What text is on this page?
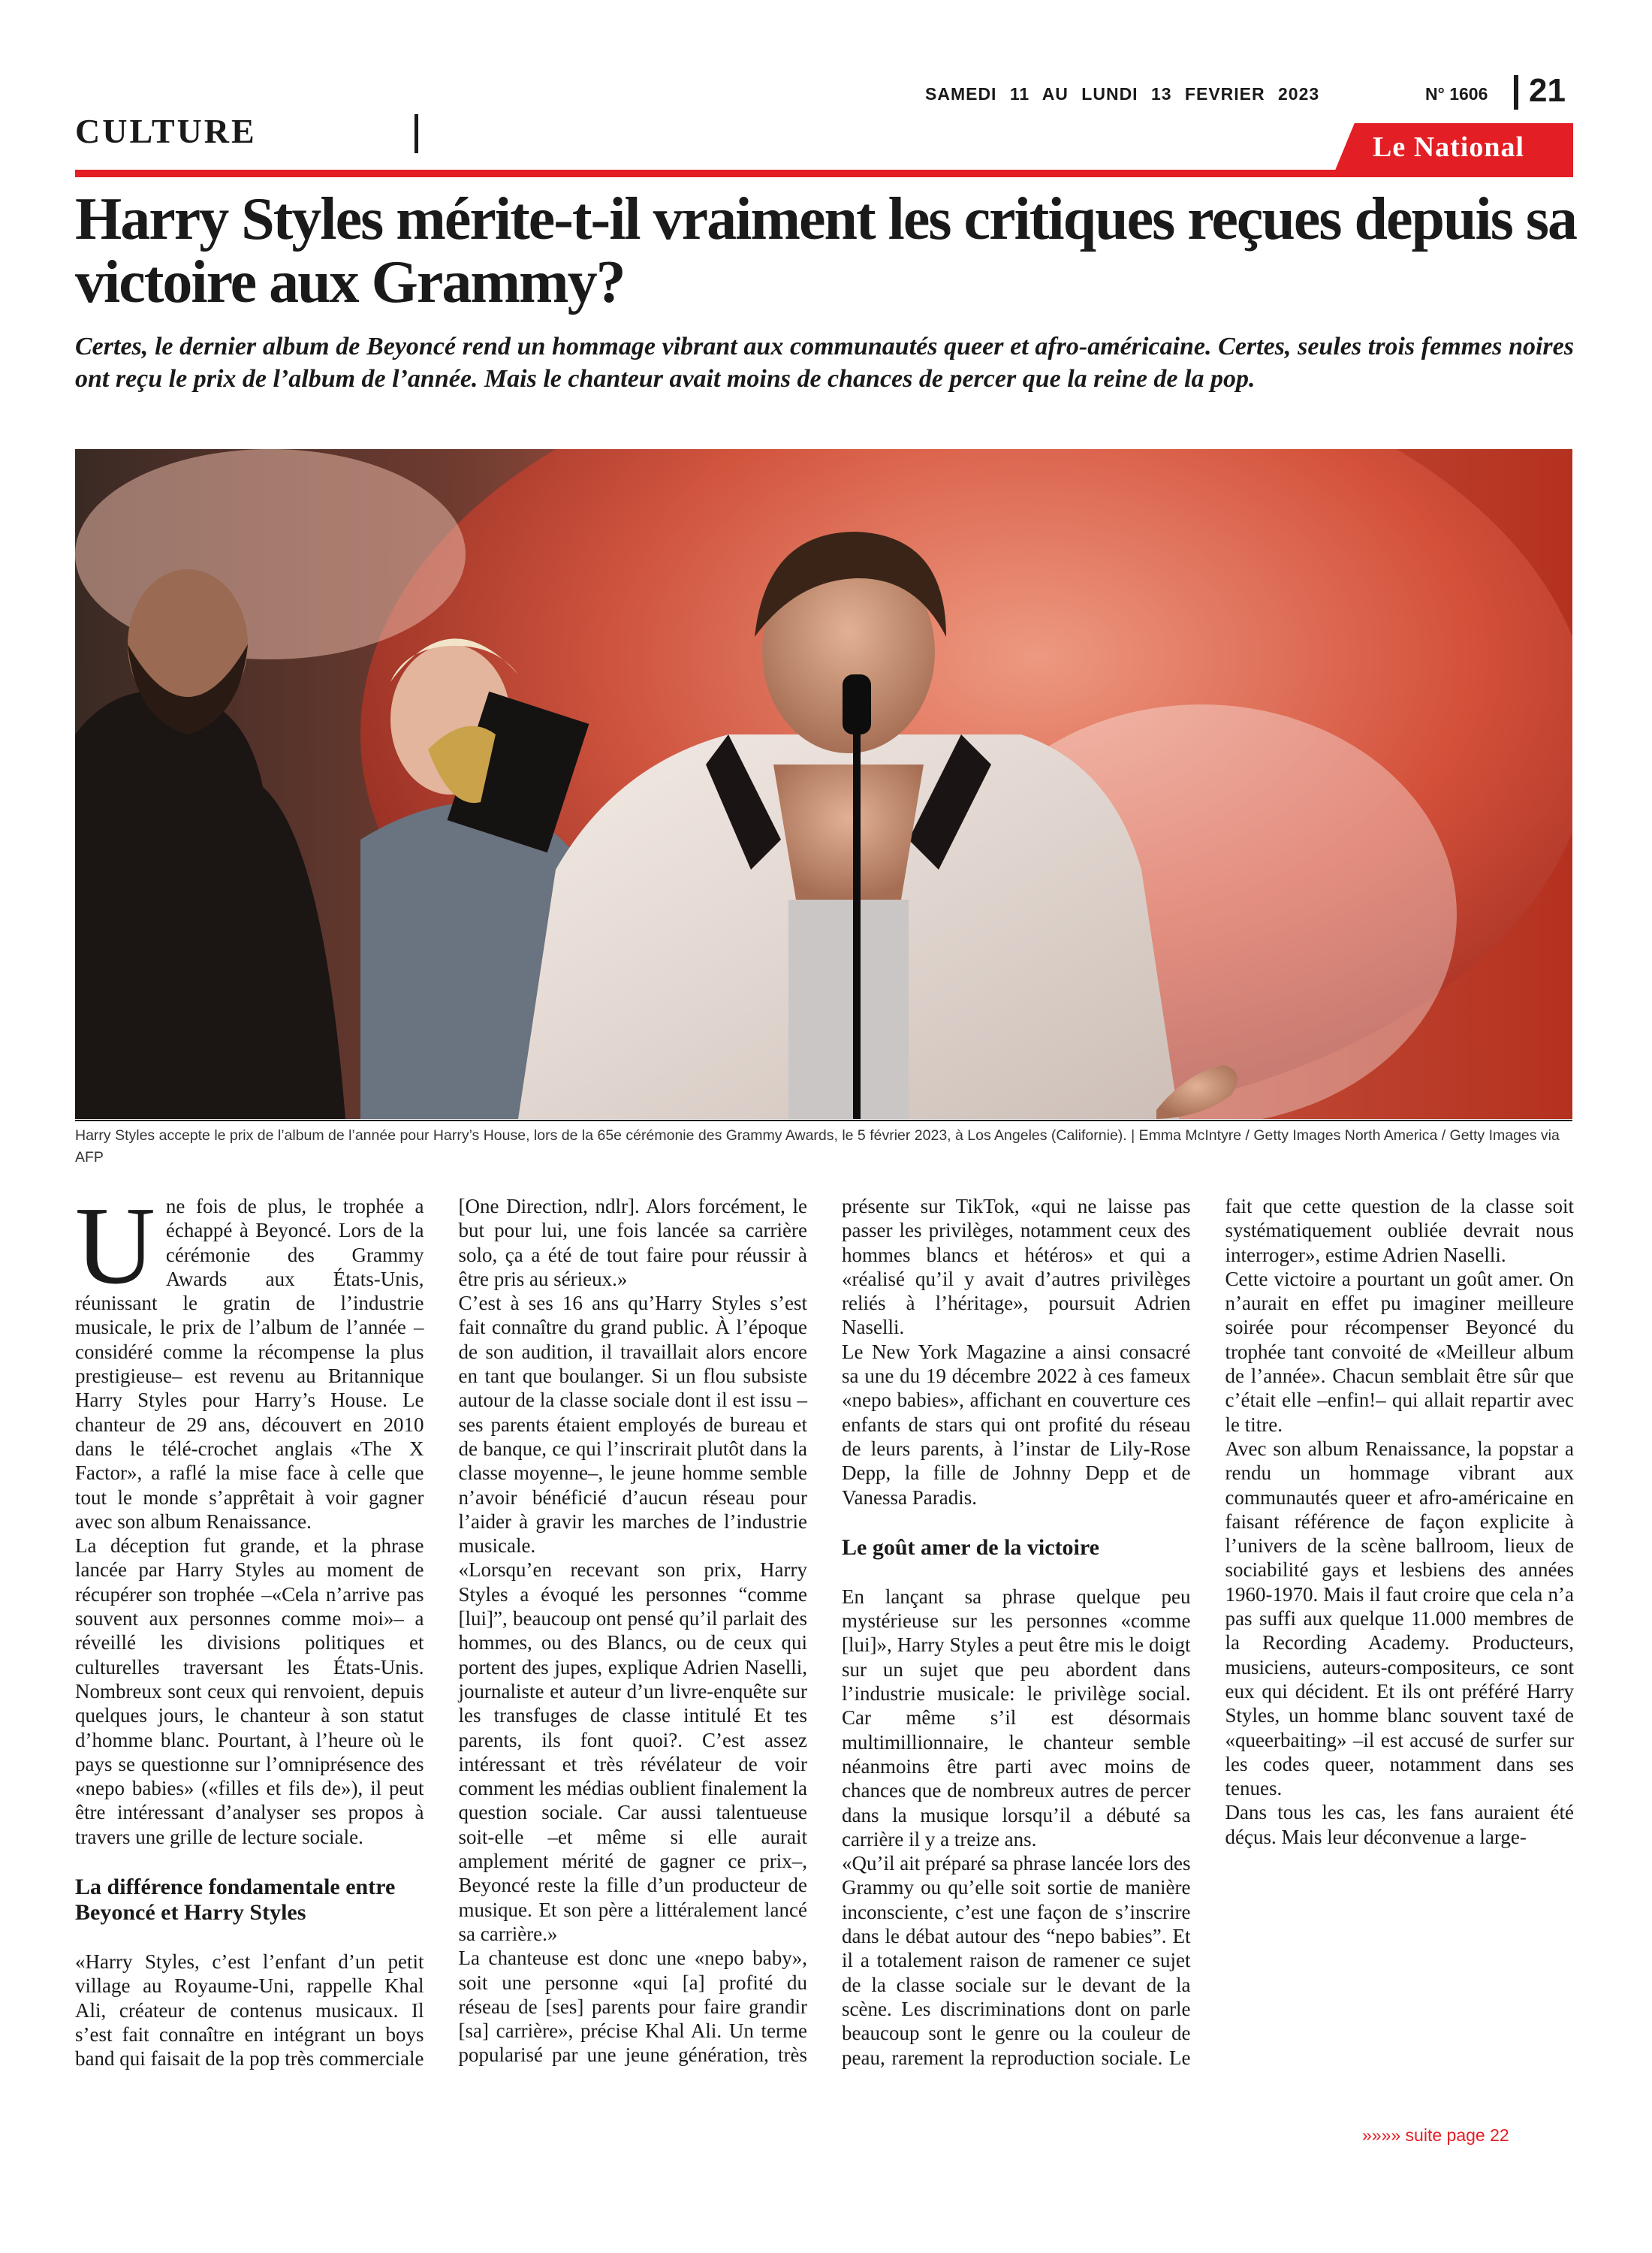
SAMEDI 11 AU LUNDI 13 FEVRIER 2023	N° 1606 21
CULTURE	Le National
Harry Styles mérite-t-il vraiment les critiques reçues depuis sa victoire aux Grammy?

Certes, le dernier album de Beyoncé rend un hommage vibrant aux communautés queer et afro-américaine. Certes, seules trois femmes noires ont reçu le prix de l’album de l’année. Mais le chanteur avait moins de chances de percer que la reine de la pop.

Harry Styles accepte le prix de l’album de l’année pour Harry’s House, lors de la 65e cérémonie des Grammy Awards, le 5 février 2023, à Los Angeles (Californie). | Emma McIntyre / Getty Images North America / Getty Images via AFP

Une fois de plus, le trophée a échappé à Beyoncé. Lors de la cérémonie des Grammy Awards aux États-Unis, réunissant le gratin de l’industrie musicale, le prix de l’album de l’année – considéré comme la récompense la plus prestigieuse– est revenu au Britannique Harry Styles pour Harry’s House. Le chanteur de 29 ans, découvert en 2010 dans le télé-crochet anglais «The X Factor», a raflé la mise face à celle que tout le monde s’apprêtait à voir gagner avec son album Renaissance.

La déception fut grande, et la phrase lancée par Harry Styles au moment de récupérer son trophée –«Cela n’arrive pas souvent aux personnes comme moi»– a réveillé les divisions politiques et culturelles traversant les États-Unis. Nombreux sont ceux qui renvoient, depuis quelques jours, le chanteur à son statut d’homme blanc. Pourtant, à l’heure où le pays se questionne sur l’omniprésence des «nepo babies» («filles et fils de»), il peut être intéressant d’analyser ses propos à travers une grille de lecture sociale.

La différence fondamentale entre Beyoncé et Harry Styles

«Harry Styles, c’est l’enfant d’un petit village au Royaume-Uni, rappelle Khal Ali, créateur de contenus musicaux. Il s’est fait connaître en intégrant un boys band qui faisait de la pop très commerciale [One Direction, ndlr]. Alors forcément, le but pour lui, une fois lancée sa carrière solo, ça a été de tout faire pour réussir à être pris au sérieux.»

C’est à ses 16 ans qu’Harry Styles s’est fait connaître du grand public. À l’époque de son audition, il travaillait alors encore en tant que boulanger. Si un flou subsiste autour de la classe sociale dont il est issu –ses parents étaient employés de bureau et de banque, ce qui l’inscrirait plutôt dans la classe moyenne–, le jeune homme semble n’avoir bénéficié d’aucun réseau pour l’aider à gravir les marches de l’industrie musicale.

«Lorsqu’en recevant son prix, Harry Styles a évoqué les personnes “comme [lui]”, beaucoup ont pensé qu’il parlait des hommes, ou des Blancs, ou de ceux qui portent des jupes, explique Adrien Naselli, journaliste et auteur d’un livre-enquête sur les transfuges de classe intitulé Et tes parents, ils font quoi?. C’est assez intéressant et très révélateur de voir comment les médias oublient finalement la question sociale. Car aussi talentueuse soit-elle –et même si elle aurait amplement mérité de gagner ce prix–, Beyoncé reste la fille d’un producteur de musique. Et son père a littéralement lancé sa carrière.»

La chanteuse est donc une «nepo baby», soit une personne «qui [a] profité du réseau de [ses] parents pour faire grandir [sa] carrière», précise Khal Ali. Un terme popularisé par une jeune génération, très présente sur TikTok, «qui ne laisse pas passer les privilèges, notamment ceux des hommes blancs et hétéros» et qui a «réalisé qu’il y avait d’autres privilèges reliés à l’héritage», poursuit Adrien Naselli.

Le New York Magazine a ainsi consacré sa une du 19 décembre 2022 à ces fameux «nepo babies», affichant en couverture ces enfants de stars qui ont profité du réseau de leurs parents, à l’instar de Lily-Rose Depp, la fille de Johnny Depp et de Vanessa Paradis.

Le goût amer de la victoire

En lançant sa phrase quelque peu mystérieuse sur les personnes «comme [lui]», Harry Styles a peut être mis le doigt sur un sujet que peu abordent dans l’industrie musicale: le privilège social. Car même s’il est désormais multimillionnaire, le chanteur semble néanmoins être parti avec moins de chances que de nombreux autres de percer dans la musique lorsqu’il a débuté sa carrière il y a treize ans.

«Qu’il ait préparé sa phrase lancée lors des Grammy ou qu’elle soit sortie de manière inconsciente, c’est une façon de s’inscrire dans le débat autour des “nepo babies”. Et il a totalement raison de ramener ce sujet de la classe sociale sur le devant de la scène. Les discriminations dont on parle beaucoup sont le genre ou la couleur de peau, rarement la reproduction sociale. Le fait que cette question de la classe soit systématiquement oubliée devrait nous interroger», estime Adrien Naselli.

Cette victoire a pourtant un goût amer. On n’aurait en effet pu imaginer meilleure soirée pour récompenser Beyoncé du trophée tant convoité de «Meilleur album de l’année». Chacun semblait être sûr que c’était elle –enfin!– qui allait repartir avec le titre.

Avec son album Renaissance, la popstar a rendu un hommage vibrant aux communautés queer et afro-américaine en faisant référence de façon explicite à l’univers de la scène ballroom, lieux de sociabilité gays et lesbiens des années 1960-1970. Mais il faut croire que cela n’a pas suffi aux quelque 11.000 membres de la Recording Academy. Producteurs, musiciens, auteurs-compositeurs, ce sont eux qui décident. Et ils ont préféré Harry Styles, un homme blanc souvent taxé de «queerbaiting» –il est accusé de surfer sur les codes queer, notamment dans ses tenues.

Dans tous les cas, les fans auraient été déçus. Mais leur déconvenue a large-

»»»» suite page 22
